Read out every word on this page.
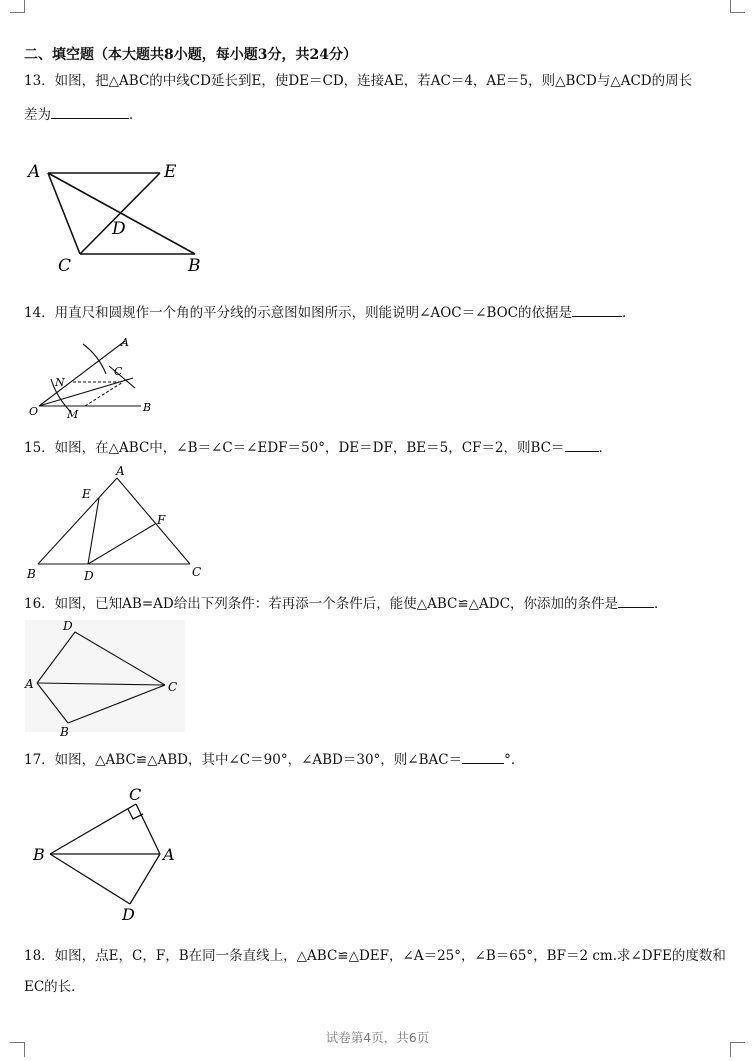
二、填空题（本大题共8小题，每小题3分，共24分）
13．如图，把△ABC的中线CD延长到E，使DE＝CD，连接AE，若AC＝4，AE＝5，则△BCD与△ACD的周长
差为	．
A	E
D
C	B
14．用直尺和圆规作一个角的平分线的示意图如图所示，则能说明∠AOC＝∠BOC的依据是	．
A
C
N
O	M
B
15．如图，在△ABC中，∠B＝∠C＝∠EDF＝50°，DE＝DF，BE＝5，CF＝2，则BC＝	．
A
E
F
B	D	C
16．如图，已知AB=AD给出下列条件：若再添一个条件后，能使△ABC≌△ADC，你添加的条件是	．
D
A	C
B
17．如图，△ABC≌△ABD，其中∠C＝90°，∠ABD＝30°，则∠BAC＝	°．
C
B	A
D
18．如图，点E，C，F，B在同一条直线上，△ABC≌△DEF，∠A＝25°，∠B＝65°，BF＝2 cm.求∠DFE的度数和
EC的长．
试卷第4页，共6页
